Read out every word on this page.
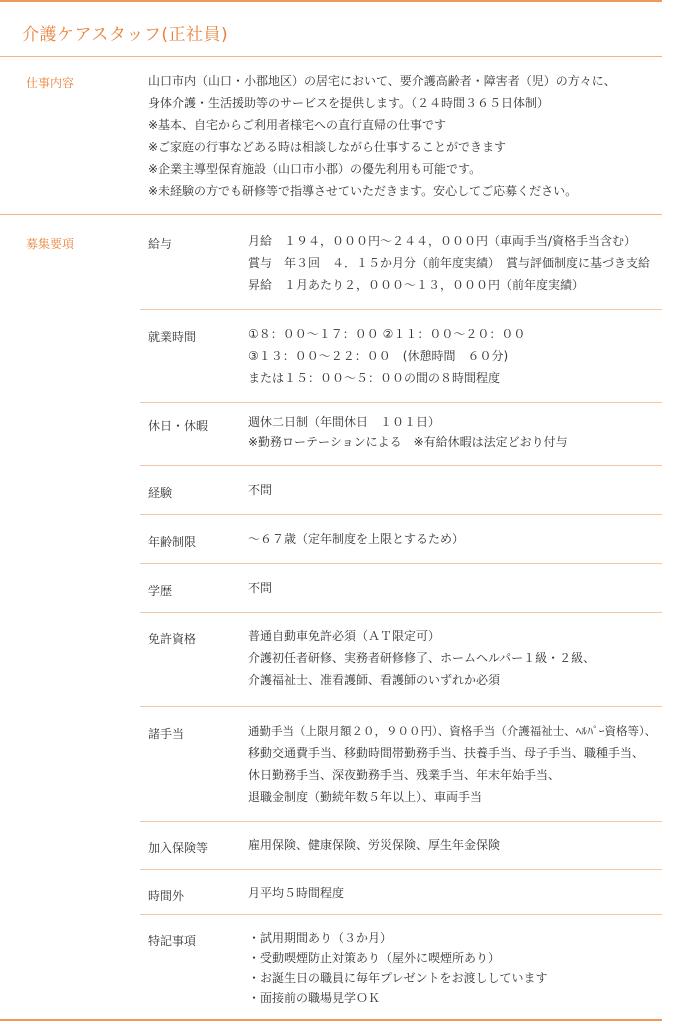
介護ケアスタッフ(正社員)
仕事内容	山口市内（山口・小郡地区）の居宅において、要介護高齢者・障害者（児）の方々に、
身体介護・生活援助等のサービスを提供します。（２４時間３６５日体制）
※基本、自宅からご利用者様宅への直行直帰の仕事です
※ご家庭の行事などある時は相談しながら仕事することができます
※企業主導型保育施設（山口市小郡）の優先利用も可能です。
※未経験の方でも研修等で指導させていただきます。安心してご応募ください。
募集要項	給与	月給　１９４，０００円〜２４４，０００円（車両手当/資格手当含む）
賞与　年３回　４．１５か月分（前年度実績）　賞与評価制度に基づき支給
昇給　１月あたり２，０００〜１３，０００円（前年度実績）
就業時間	①８：００〜１７：００ ②１１：００〜２０：００
③１３：００〜２２：００　(休憩時間　６０分)
または１５：００〜５：００の間の８時間程度
休日・休暇	週休二日制（年間休日　１０１日）
※勤務ローテーションによる　※有給休暇は法定どおり付与
経験	不問
年齢制限	〜６７歳（定年制度を上限とするため）
学歴	不問
免許資格	普通自動車免許必須（ＡＴ限定可）
介護初任者研修、実務者研修修了、ホームヘルパー１級・２級、
介護福祉士、准看護師、看護師のいずれか必須
諸手当	通勤手当（上限月額２０，９００円）、資格手当（介護福祉士、ﾍﾙﾊﾟｰ資格等）、
移動交通費手当、移動時間帯勤務手当、扶養手当、母子手当、職種手当、
休日勤務手当、深夜勤務手当、残業手当、年末年始手当、
退職金制度（勤続年数５年以上）、車両手当
加入保険等	雇用保険、健康保険、労災保険、厚生年金保険
時間外	月平均５時間程度
特記事項	・試用期間あり（３か月）
・受動喫煙防止対策あり（屋外に喫煙所あり）
・お誕生日の職員に毎年プレゼントをお渡ししています
・面接前の職場見学ＯＫ
